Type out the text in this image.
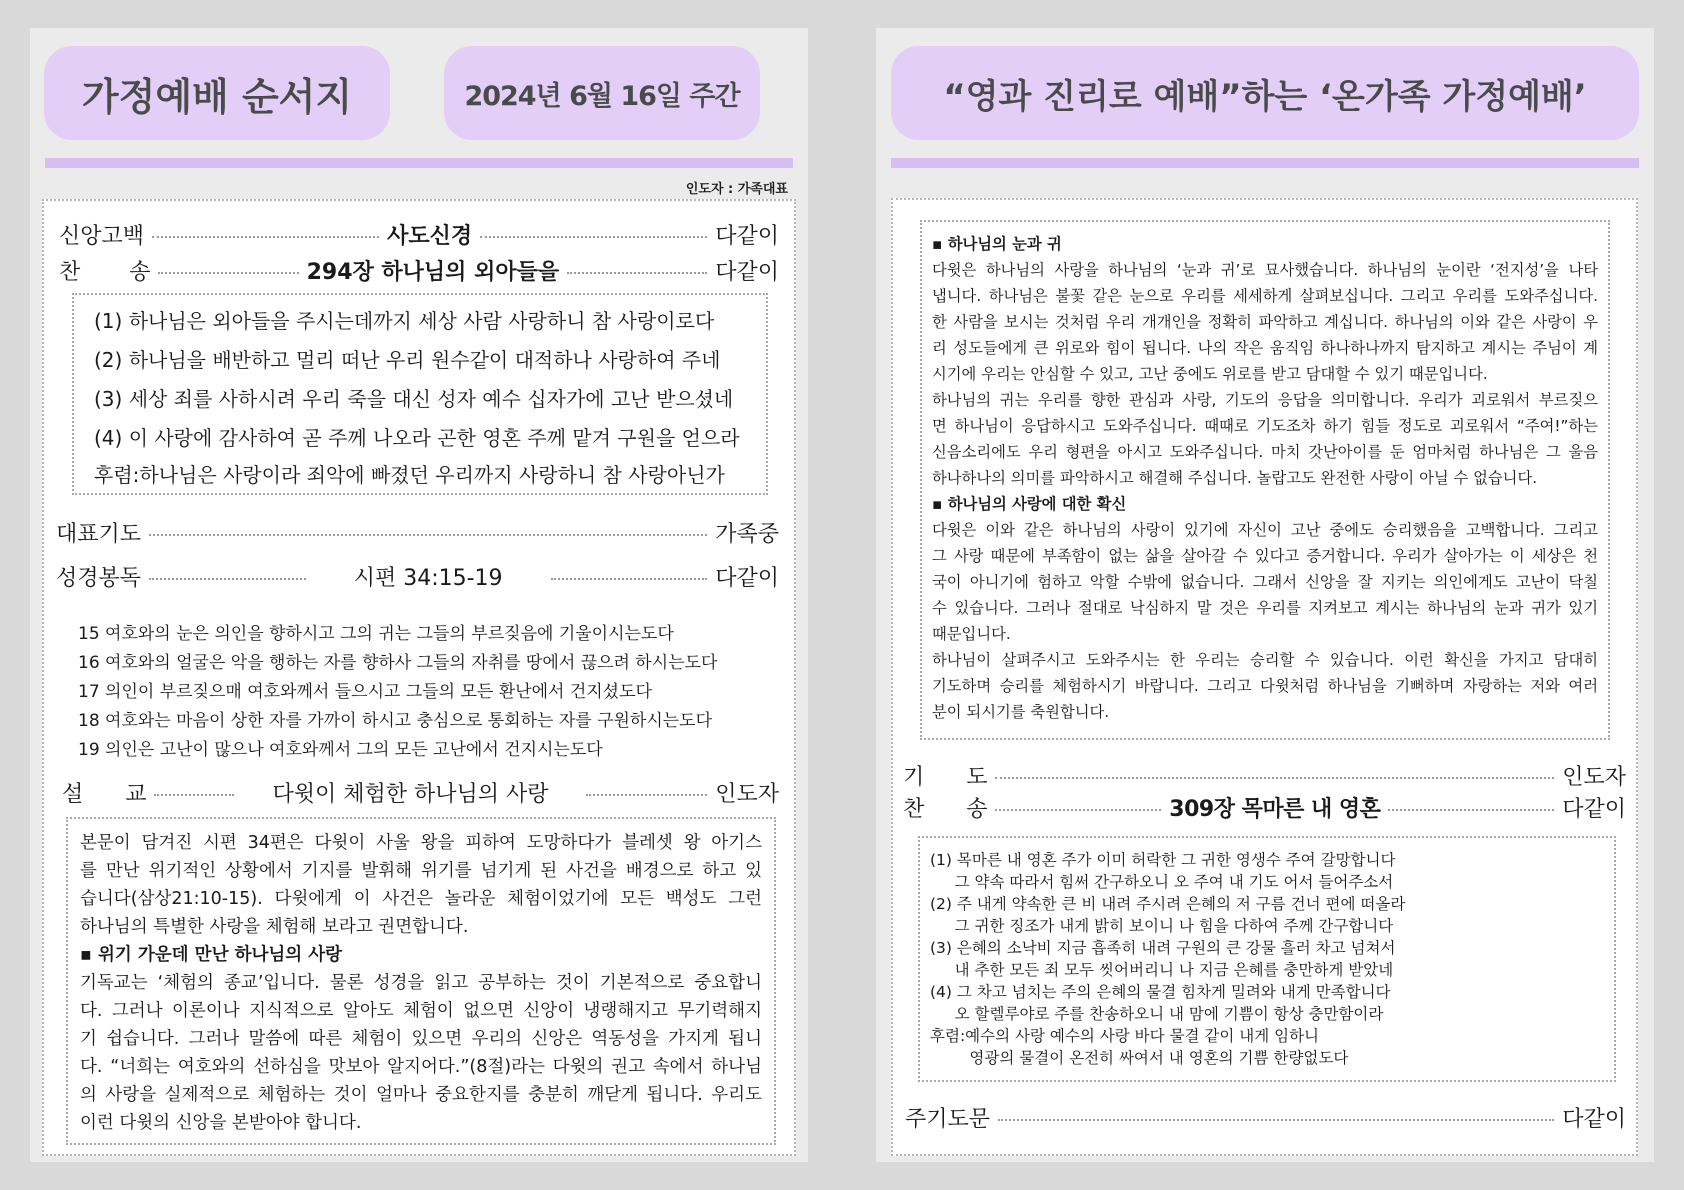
가정예배 순서지	2024년 6월 16일 주간
인도자 : 가족대표
신앙고백	사도신경	다같이
찬       송	294장 하나님의 외아들을	다같이
(1) 하나님은 외아들을 주시는데까지 세상 사람 사랑하니 참 사랑이로다
(2) 하나님을 배반하고 멀리 떠난 우리 원수같이 대적하나 사랑하여 주네
(3) 세상 죄를 사하시려 우리 죽을 대신 성자 예수 십자가에 고난 받으셨네
(4) 이 사랑에 감사하여 곧 주께 나오라 곤한 영혼 주께 맡겨 구원을 얻으라
후렴:하나님은 사랑이라 죄악에 빠졌던 우리까지 사랑하니 참 사랑아닌가
대표기도	가족중
성경봉독	시편 34:15-19	다같이
15 여호와의 눈은 의인을 향하시고 그의 귀는 그들의 부르짖음에 기울이시는도다
16 여호와의 얼굴은 악을 행하는 자를 향하사 그들의 자취를 땅에서 끊으려 하시는도다
17 의인이 부르짖으매 여호와께서 들으시고 그들의 모든 환난에서 건지셨도다
18 여호와는 마음이 상한 자를 가까이 하시고 충심으로 통회하는 자를 구원하시는도다
19 의인은 고난이 많으나 여호와께서 그의 모든 고난에서 건지시는도다
설      교	다윗이 체험한 하나님의 사랑	인도자
본문이 담겨진 시편 34편은 다윗이 사울 왕을 피하여 도망하다가 블레셋 왕 아기스
를 만난 위기적인 상황에서 기지를 발휘해 위기를 넘기게 된 사건을 배경으로 하고 있
습니다(삼상21:10-15). 다윗에게 이 사건은 놀라운 체험이었기에 모든 백성도 그런
하나님의 특별한 사랑을 체험해 보라고 권면합니다.
▪ 위기 가운데 만난 하나님의 사랑
기독교는 ‘체험의 종교’입니다. 물론 성경을 읽고 공부하는 것이 기본적으로 중요합니
다. 그러나 이론이나 지식적으로 알아도 체험이 없으면 신앙이 냉랭해지고 무기력해지
기 쉽습니다. 그러나 말씀에 따른 체험이 있으면 우리의 신앙은 역동성을 가지게 됩니
다. “너희는 여호와의 선하심을 맛보아 알지어다.”(8절)라는 다윗의 권고 속에서 하나님
의 사랑을 실제적으로 체험하는 것이 얼마나 중요한지를 충분히 깨닫게 됩니다. 우리도
이런 다윗의 신앙을 본받아야 합니다.
“영과 진리로 예배”하는 ‘온가족 가정예배’
▪ 하나님의 눈과 귀
다윗은 하나님의 사랑을 하나님의 ‘눈과 귀’로 묘사했습니다. 하나님의 눈이란 ‘전지성’을 나타
냅니다. 하나님은 불꽃 같은 눈으로 우리를 세세하게 살펴보십니다. 그리고 우리를 도와주십니다.
한 사람을 보시는 것처럼 우리 개개인을 정확히 파악하고 계십니다. 하나님의 이와 같은 사랑이 우
리 성도들에게 큰 위로와 힘이 됩니다. 나의 작은 움직임 하나하나까지 탐지하고 계시는 주님이 계
시기에 우리는 안심할 수 있고, 고난 중에도 위로를 받고 담대할 수 있기 때문입니다.
하나님의 귀는 우리를 향한 관심과 사랑, 기도의 응답을 의미합니다. 우리가 괴로워서 부르짖으
면 하나님이 응답하시고 도와주십니다. 때때로 기도조차 하기 힘들 정도로 괴로워서 “주여!”하는
신음소리에도 우리 형편을 아시고 도와주십니다. 마치 갓난아이를 둔 엄마처럼 하나님은 그 울음
하나하나의 의미를 파악하시고 해결해 주십니다. 놀랍고도 완전한 사랑이 아닐 수 없습니다.
▪ 하나님의 사랑에 대한 확신
다윗은 이와 같은 하나님의 사랑이 있기에 자신이 고난 중에도 승리했음을 고백합니다. 그리고
그 사랑 때문에 부족함이 없는 삶을 살아갈 수 있다고 증거합니다. 우리가 살아가는 이 세상은 천
국이 아니기에 험하고 악할 수밖에 없습니다. 그래서 신앙을 잘 지키는 의인에게도 고난이 닥칠
수 있습니다. 그러나 절대로 낙심하지 말 것은 우리를 지켜보고 계시는 하나님의 눈과 귀가 있기
때문입니다.
하나님이 살펴주시고 도와주시는 한 우리는 승리할 수 있습니다. 이런 확신을 가지고 담대히
기도하며 승리를 체험하시기 바랍니다. 그리고 다윗처럼 하나님을 기뻐하며 자랑하는 저와 여러
분이 되시기를 축원합니다.
기      도	인도자
찬      송	309장 목마른 내 영혼	다같이
(1) 목마른 내 영혼 주가 이미 허락한 그 귀한 영생수 주여 갈망합니다
그 약속 따라서 힘써 간구하오니 오 주여 내 기도 어서 들어주소서
(2) 주 내게 약속한 큰 비 내려 주시려 은혜의 저 구름 건너 편에 떠올라
그 귀한 징조가 내게 밝히 보이니 나 힘을 다하여 주께 간구합니다
(3) 은혜의 소낙비 지금 흡족히 내려 구원의 큰 강물 흘러 차고 넘쳐서
내 추한 모든 죄 모두 씻어버리니 나 지금 은혜를 충만하게 받았네
(4) 그 차고 넘치는 주의 은혜의 물결 힘차게 밀려와 내게 만족합니다
오 할렐루야로 주를 찬송하오니 내 맘에 기쁨이 항상 충만함이라
후렴:예수의 사랑 예수의 사랑 바다 물결 같이 내게 임하니
영광의 물결이 온전히 싸여서 내 영혼의 기쁨 한량없도다
주기도문	다같이
